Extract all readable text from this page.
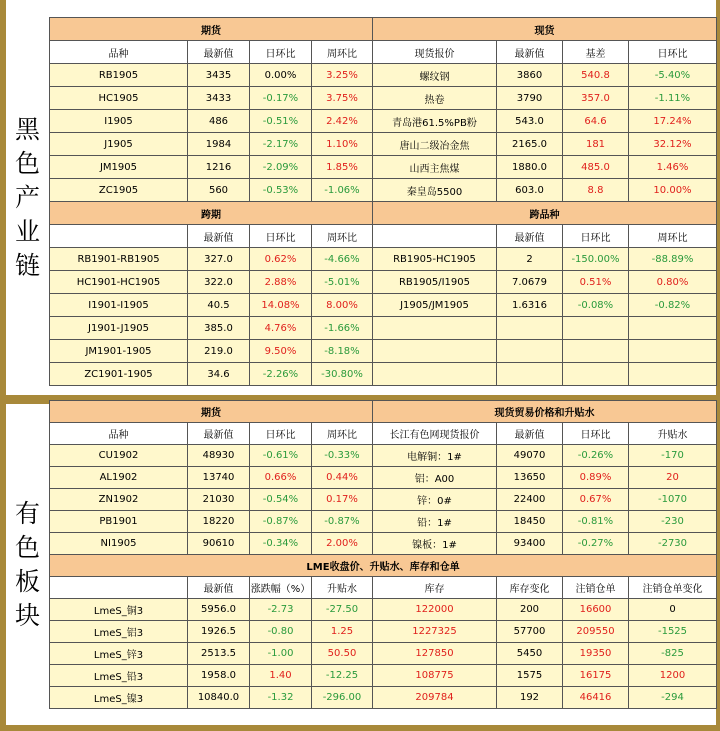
黑
色
产
业
链
有
色
板
块
期货				现货			
品种	最新值	日环比	周环比	现货报价	最新值	基差	日环比
RB1905	3435	0.00%	3.25%	螺纹钢	3860	540.8	-5.40%
HC1905	3433	-0.17%	3.75%	热卷	3790	357.0	-1.11%
I1905	486	-0.51%	2.42%	青岛港61.5%PB粉	543.0	64.6	17.24%
J1905	1984	-2.17%	1.10%	唐山二级冶金焦	2165.0	181	32.12%
JM1905	1216	-2.09%	1.85%	山西主焦煤	1880.0	485.0	1.46%
ZC1905	560	-0.53%	-1.06%	秦皇岛5500	603.0	8.8	10.00%
跨期				跨品种			
	最新值	日环比	周环比		最新值	日环比	周环比
RB1901-RB1905	327.0	0.62%	-4.66%	RB1905-HC1905	2	-150.00%	-88.89%
HC1901-HC1905	322.0	2.88%	-5.01%	RB1905/I1905	7.0679	0.51%	0.80%
I1901-I1905	40.5	14.08%	8.00%	J1905/JM1905	1.6316	-0.08%	-0.82%
J1901-J1905	385.0	4.76%	-1.66%				
JM1901-1905	219.0	9.50%	-8.18%				
ZC1901-1905	34.6	-2.26%	-30.80%				
期货				现货贸易价格和升贴水			
品种	最新值	日环比	周环比	长江有色网现货报价	最新值	日环比	升贴水
CU1902	48930	-0.61%	-0.33%	电解铜：1#	49070	-0.26%	-170
AL1902	13740	0.66%	0.44%	铝：A00	13650	0.89%	20
ZN1902	21030	-0.54%	0.17%	锌：0#	22400	0.67%	-1070
PB1901	18220	-0.87%	-0.87%	铅：1#	18450	-0.81%	-230
NI1905	90610	-0.34%	2.00%	镍板：1#	93400	-0.27%	-2730
LME收盘价、升贴水、库存和仓单							
	最新值	涨跌幅（%）	升贴水	库存	库存变化	注销仓单	注销仓单变化
LmeS_铜3	5956.0	-2.73	-27.50	122000	200	16600	0
LmeS_铝3	1926.5	-0.80	1.25	1227325	57700	209550	-1525
LmeS_锌3	2513.5	-1.00	50.50	127850	5450	19350	-825
LmeS_铅3	1958.0	1.40	-12.25	108775	1575	16175	1200
LmeS_镍3	10840.0	-1.32	-296.00	209784	192	46416	-294
